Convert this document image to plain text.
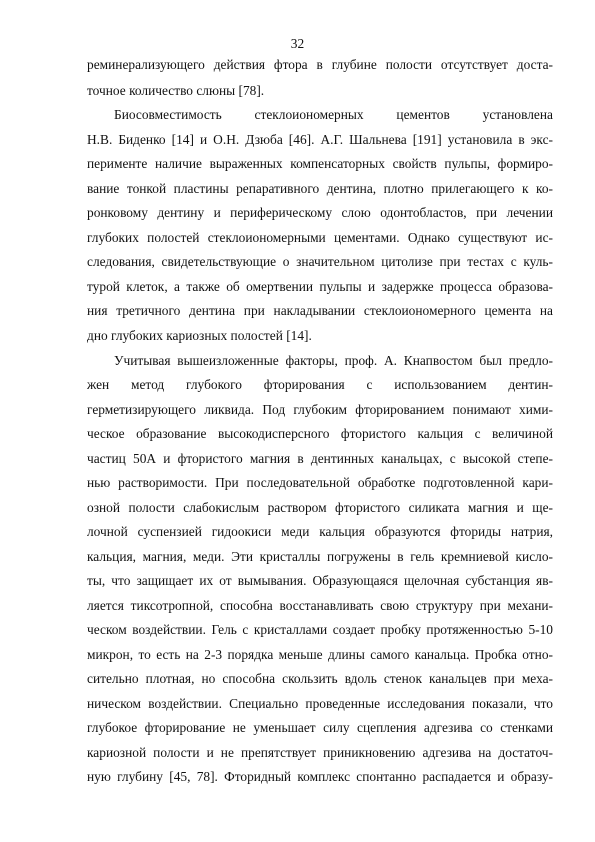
32
реминерализующего действия фтора в глубине полости отсутствует доста-
точное количество слюны [78].
Биосовместимость стеклоиономерных цементов установлена
Н.В. Биденко [14] и О.Н. Дзюба [46]. А.Г. Шальнева [191] установила в экс-
перименте наличие выраженных компенсаторных свойств пульпы, формиро-
вание тонкой пластины репаративного дентина, плотно прилегающего к ко-
ронковому дентину и периферическому слою одонтобластов, при лечении
глубоких полостей стеклоиономерными цементами. Однако существуют ис-
следования, свидетельствующие о значительном цитолизе при тестах с куль-
турой клеток, а также об омертвении пульпы и задержке процесса образова-
ния третичного дентина при накладывании стеклоиономерного цемента на
дно глубоких кариозных полостей [14].
Учитывая вышеизложенные факторы, проф. А. Кнапвостом был предло-
жен метод глубокого фторирования с использованием дентин-
герметизирующего ликвида. Под глубоким фторированием понимают хими-
ческое образование высокодисперсного фтористого кальция с величиной
частиц 50А и фтористого магния в дентинных канальцах, с высокой степе-
нью растворимости. При последовательной обработке подготовленной кари-
озной полости слабокислым раствором фтористого силиката магния и ще-
лочной суспензией гидоокиси меди кальция образуются фториды натрия,
кальция, магния, меди. Эти кристаллы погружены в гель кремниевой кисло-
ты, что защищает их от вымывания. Образующаяся щелочная субстанция яв-
ляется тиксотропной, способна восстанавливать свою структуру при механи-
ческом воздействии. Гель с кристаллами создает пробку протяженностью 5-10
микрон, то есть на 2-3 порядка меньше длины самого канальца. Пробка отно-
сительно плотная, но способна скользить вдоль стенок канальцев при меха-
ническом воздействии. Специально проведенные исследования показали, что
глубокое фторирование не уменьшает силу сцепления адгезива со стенками
кариозной полости и не препятствует приникновению адгезива на достаточ-
ную глубину [45, 78]. Фторидный комплекс спонтанно распадается и образу-
